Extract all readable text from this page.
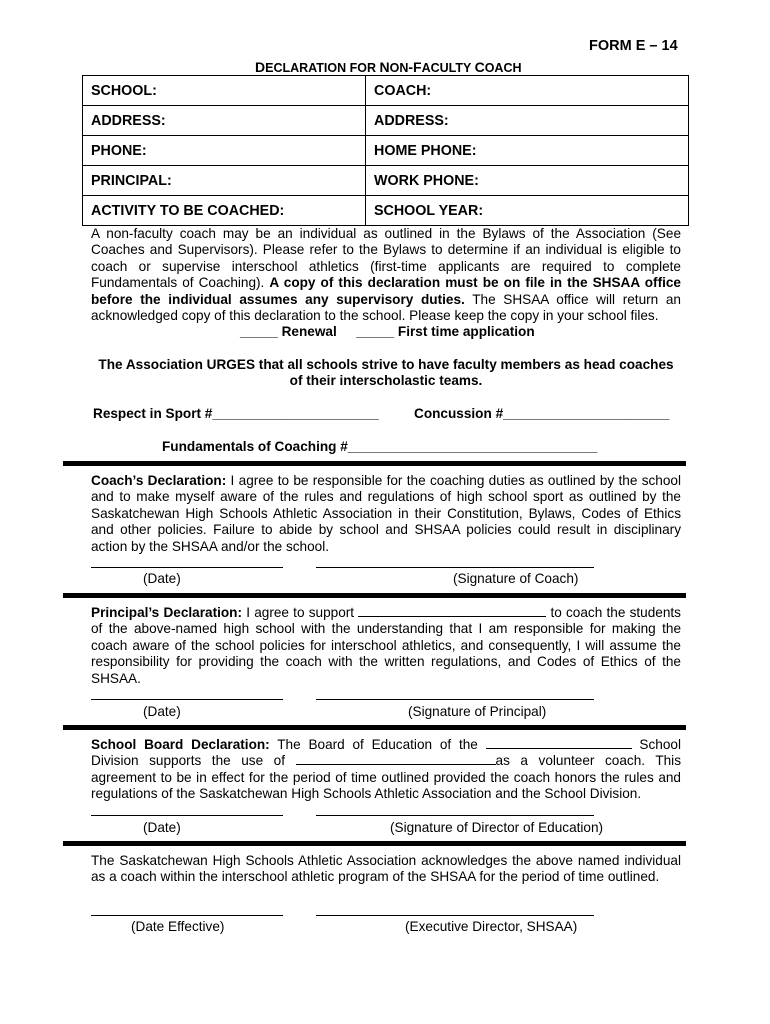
FORM E – 14
DECLARATION FOR NON-FACULTY COACH
SCHOOL:	COACH:
ADDRESS:	ADDRESS:
PHONE:	HOME PHONE:
PRINCIPAL:	WORK PHONE:
ACTIVITY TO BE COACHED:	SCHOOL YEAR:
A non-faculty coach may be an individual as outlined in the Bylaws of the Association (See Coaches and Supervisors). Please refer to the Bylaws to determine if an individual is eligible to coach or supervise interschool athletics (first-time applicants are required to complete Fundamentals of Coaching). A copy of this declaration must be on file in the SHSAA office before the individual assumes any supervisory duties. The SHSAA office will return an acknowledged copy of this declaration to the school. Please keep the copy in your school files.
_____ Renewal _____ First time application
The Association URGES that all schools strive to have faculty members as head coaches of their interscholastic teams.
Respect in Sport #______________________	Concussion #______________________
Fundamentals of Coaching #_________________________________
Coach’s Declaration: I agree to be responsible for the coaching duties as outlined by the school and to make myself aware of the rules and regulations of high school sport as outlined by the Saskatchewan High Schools Athletic Association in their Constitution, Bylaws, Codes of Ethics and other policies. Failure to abide by school and SHSAA policies could result in disciplinary action by the SHSAA and/or the school.
(Date)	(Signature of Coach)
Principal’s Declaration: I agree to support	to coach the students of the above-named high school with the understanding that I am responsible for making the coach aware of the school policies for interschool athletics, and consequently, I will assume the responsibility for providing the coach with the written regulations, and Codes of Ethics of the SHSAA.
(Date)	(Signature of Principal)
School Board Declaration: The Board of Education of the	School Division supports the use of	as a volunteer coach. This agreement to be in effect for the period of time outlined provided the coach honors the rules and regulations of the Saskatchewan High Schools Athletic Association and the School Division.
(Date)	(Signature of Director of Education)
The Saskatchewan High Schools Athletic Association acknowledges the above named individual as a coach within the interschool athletic program of the SHSAA for the period of time outlined.
(Date Effective)	(Executive Director, SHSAA)
